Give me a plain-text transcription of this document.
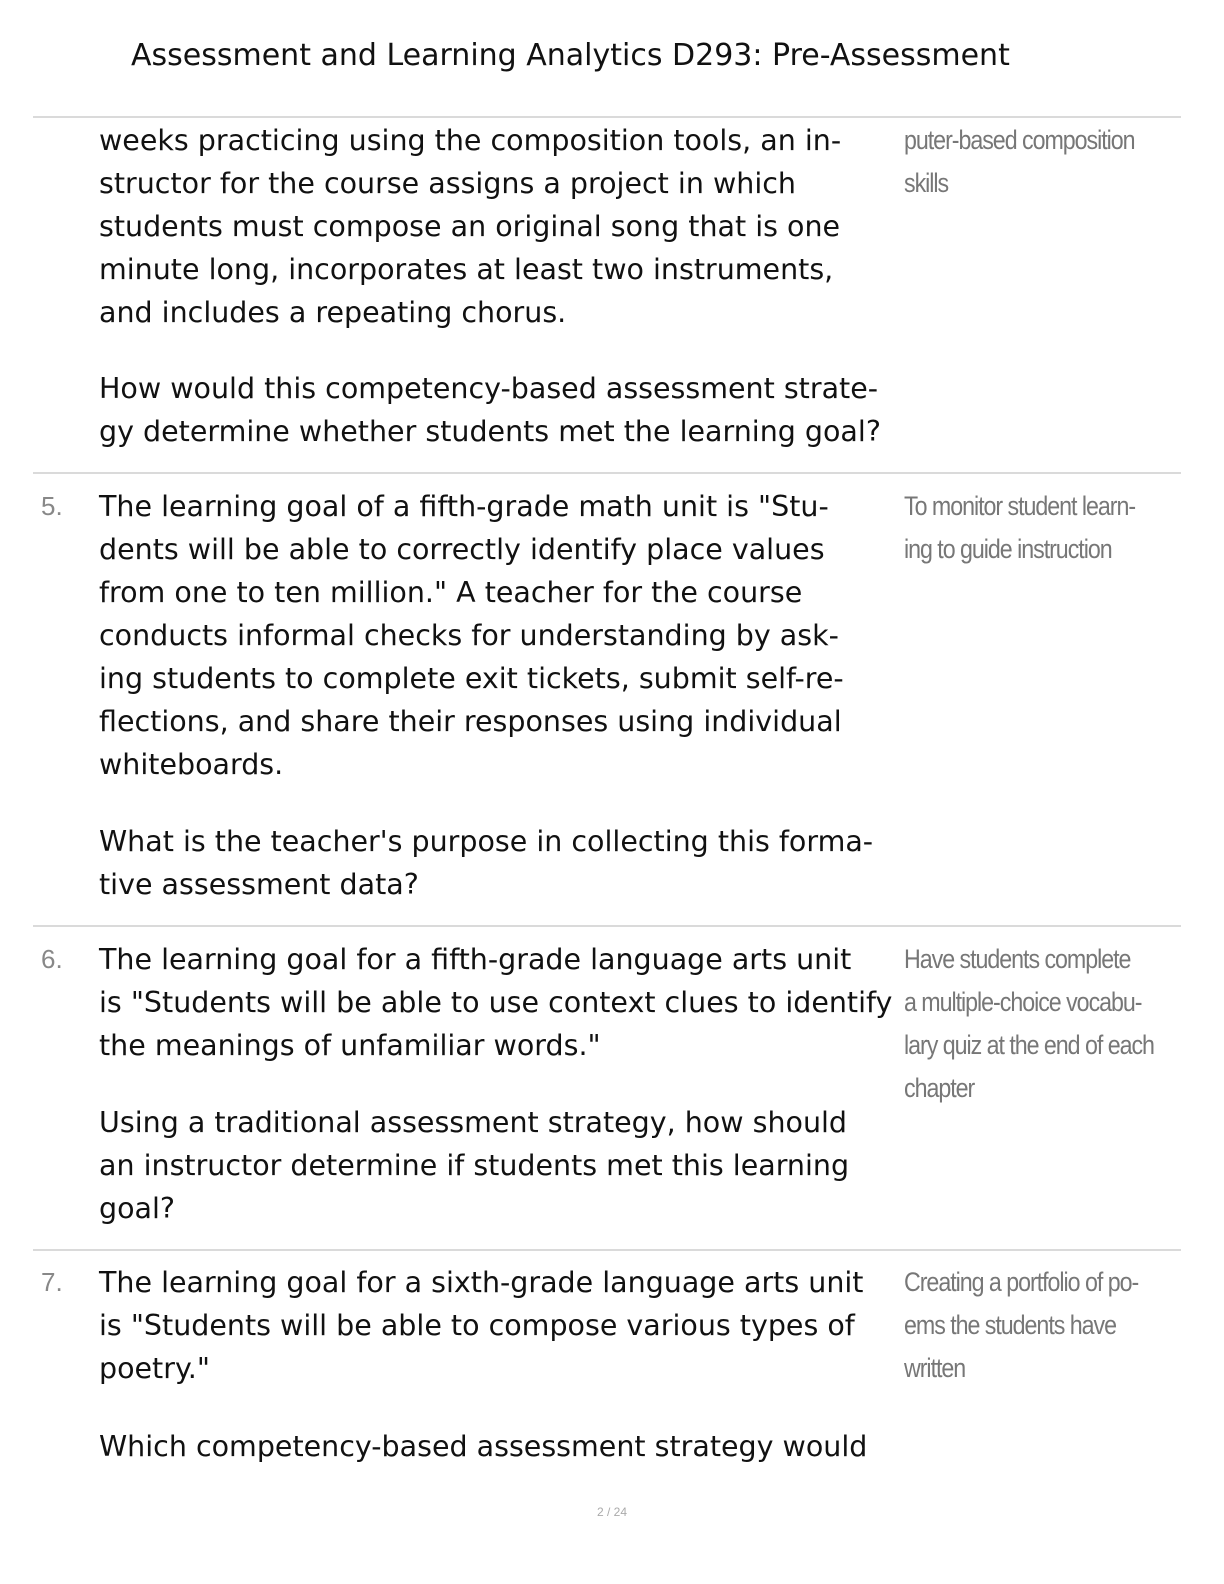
Assessment and Learning Analytics D293: Pre-Assessment

weeks practicing using the composition tools, an in-
structor for the course assigns a project in which
students must compose an original song that is one
minute long, incorporates at least two instruments,
and includes a repeating chorus.

How would this competency-based assessment strate-
gy determine whether students met the learning goal?

puter-based composition
skills

5. The learning goal of a fifth-grade math unit is "Stu-
dents will be able to correctly identify place values
from one to ten million." A teacher for the course
conducts informal checks for understanding by ask-
ing students to complete exit tickets, submit self-re-
flections, and share their responses using individual
whiteboards.

What is the teacher's purpose in collecting this forma-
tive assessment data?

To monitor student learn-
ing to guide instruction

6. The learning goal for a fifth-grade language arts unit
is "Students will be able to use context clues to identify
the meanings of unfamiliar words."

Using a traditional assessment strategy, how should
an instructor determine if students met this learning
goal?

Have students complete
a multiple-choice vocabu-
lary quiz at the end of each
chapter

7. The learning goal for a sixth-grade language arts unit
is "Students will be able to compose various types of
poetry."

Which competency-based assessment strategy would

Creating a portfolio of po-
ems the students have
written

2 / 24
